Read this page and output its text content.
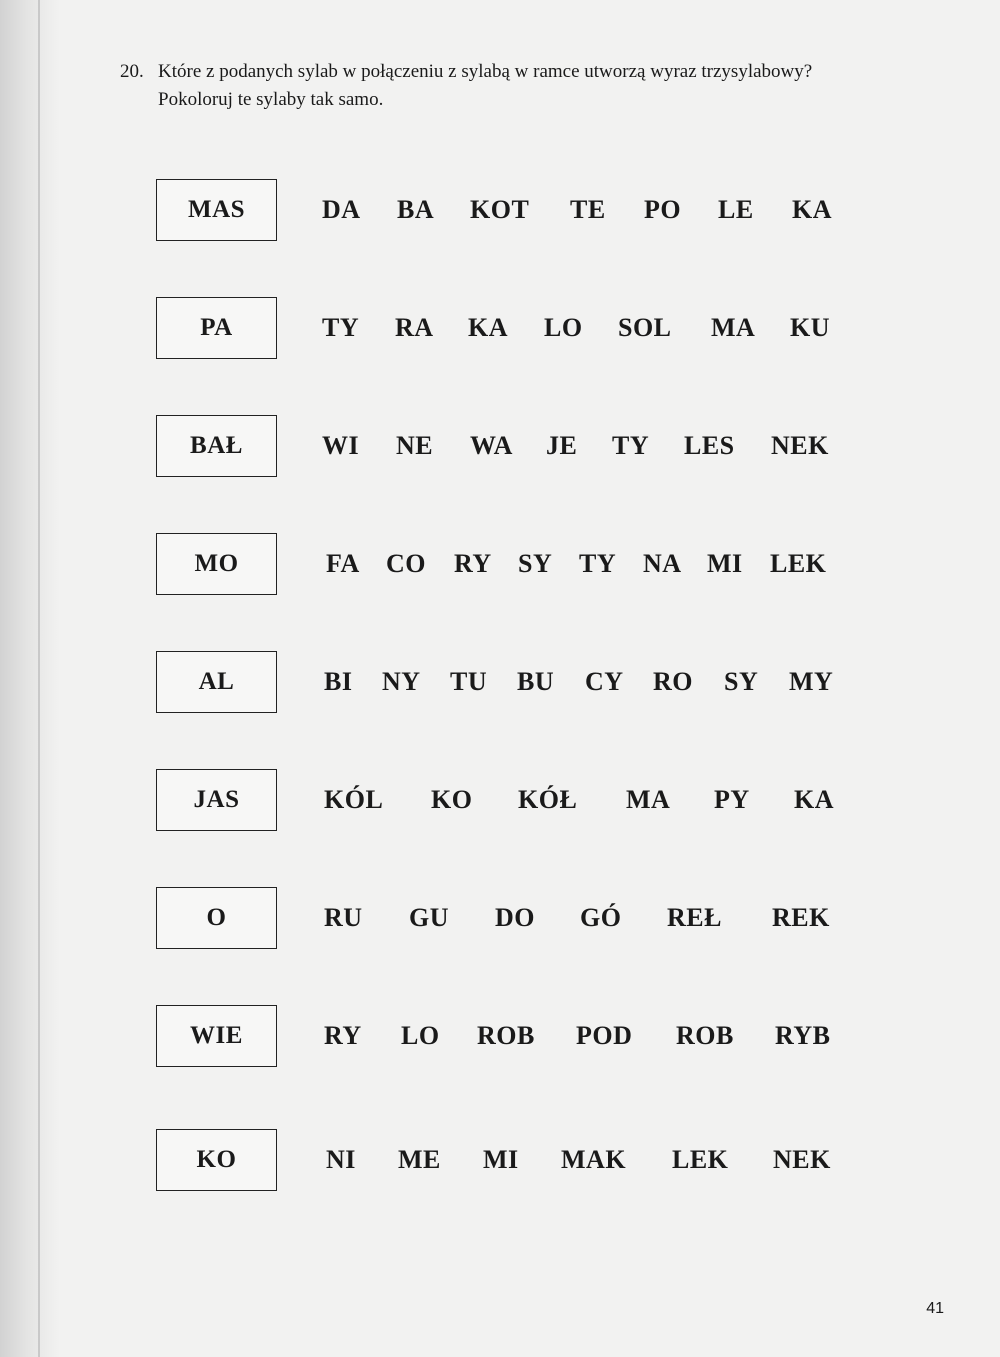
20. Które z podanych sylab w połączeniu z sylabą w ramce utworzą wyraz trzysylabowy?
Pokoloruj te sylaby tak samo.
MAS	DA BA KOT TE PO LE KA
PA	TY RA KA LO SOL MA KU
BAŁ	WI NE WA JE TY LES NEK
MO	FA CO RY SY TY NA MI LEK
AL	BI NY TU BU CY RO SY MY
JAS	KÓL KO KÓŁ MA PY KA
O	RU GU DO GÓ REŁ REK
WIE	RY LO ROB POD ROB RYB
KO	NI ME MI MAK LEK NEK
41
